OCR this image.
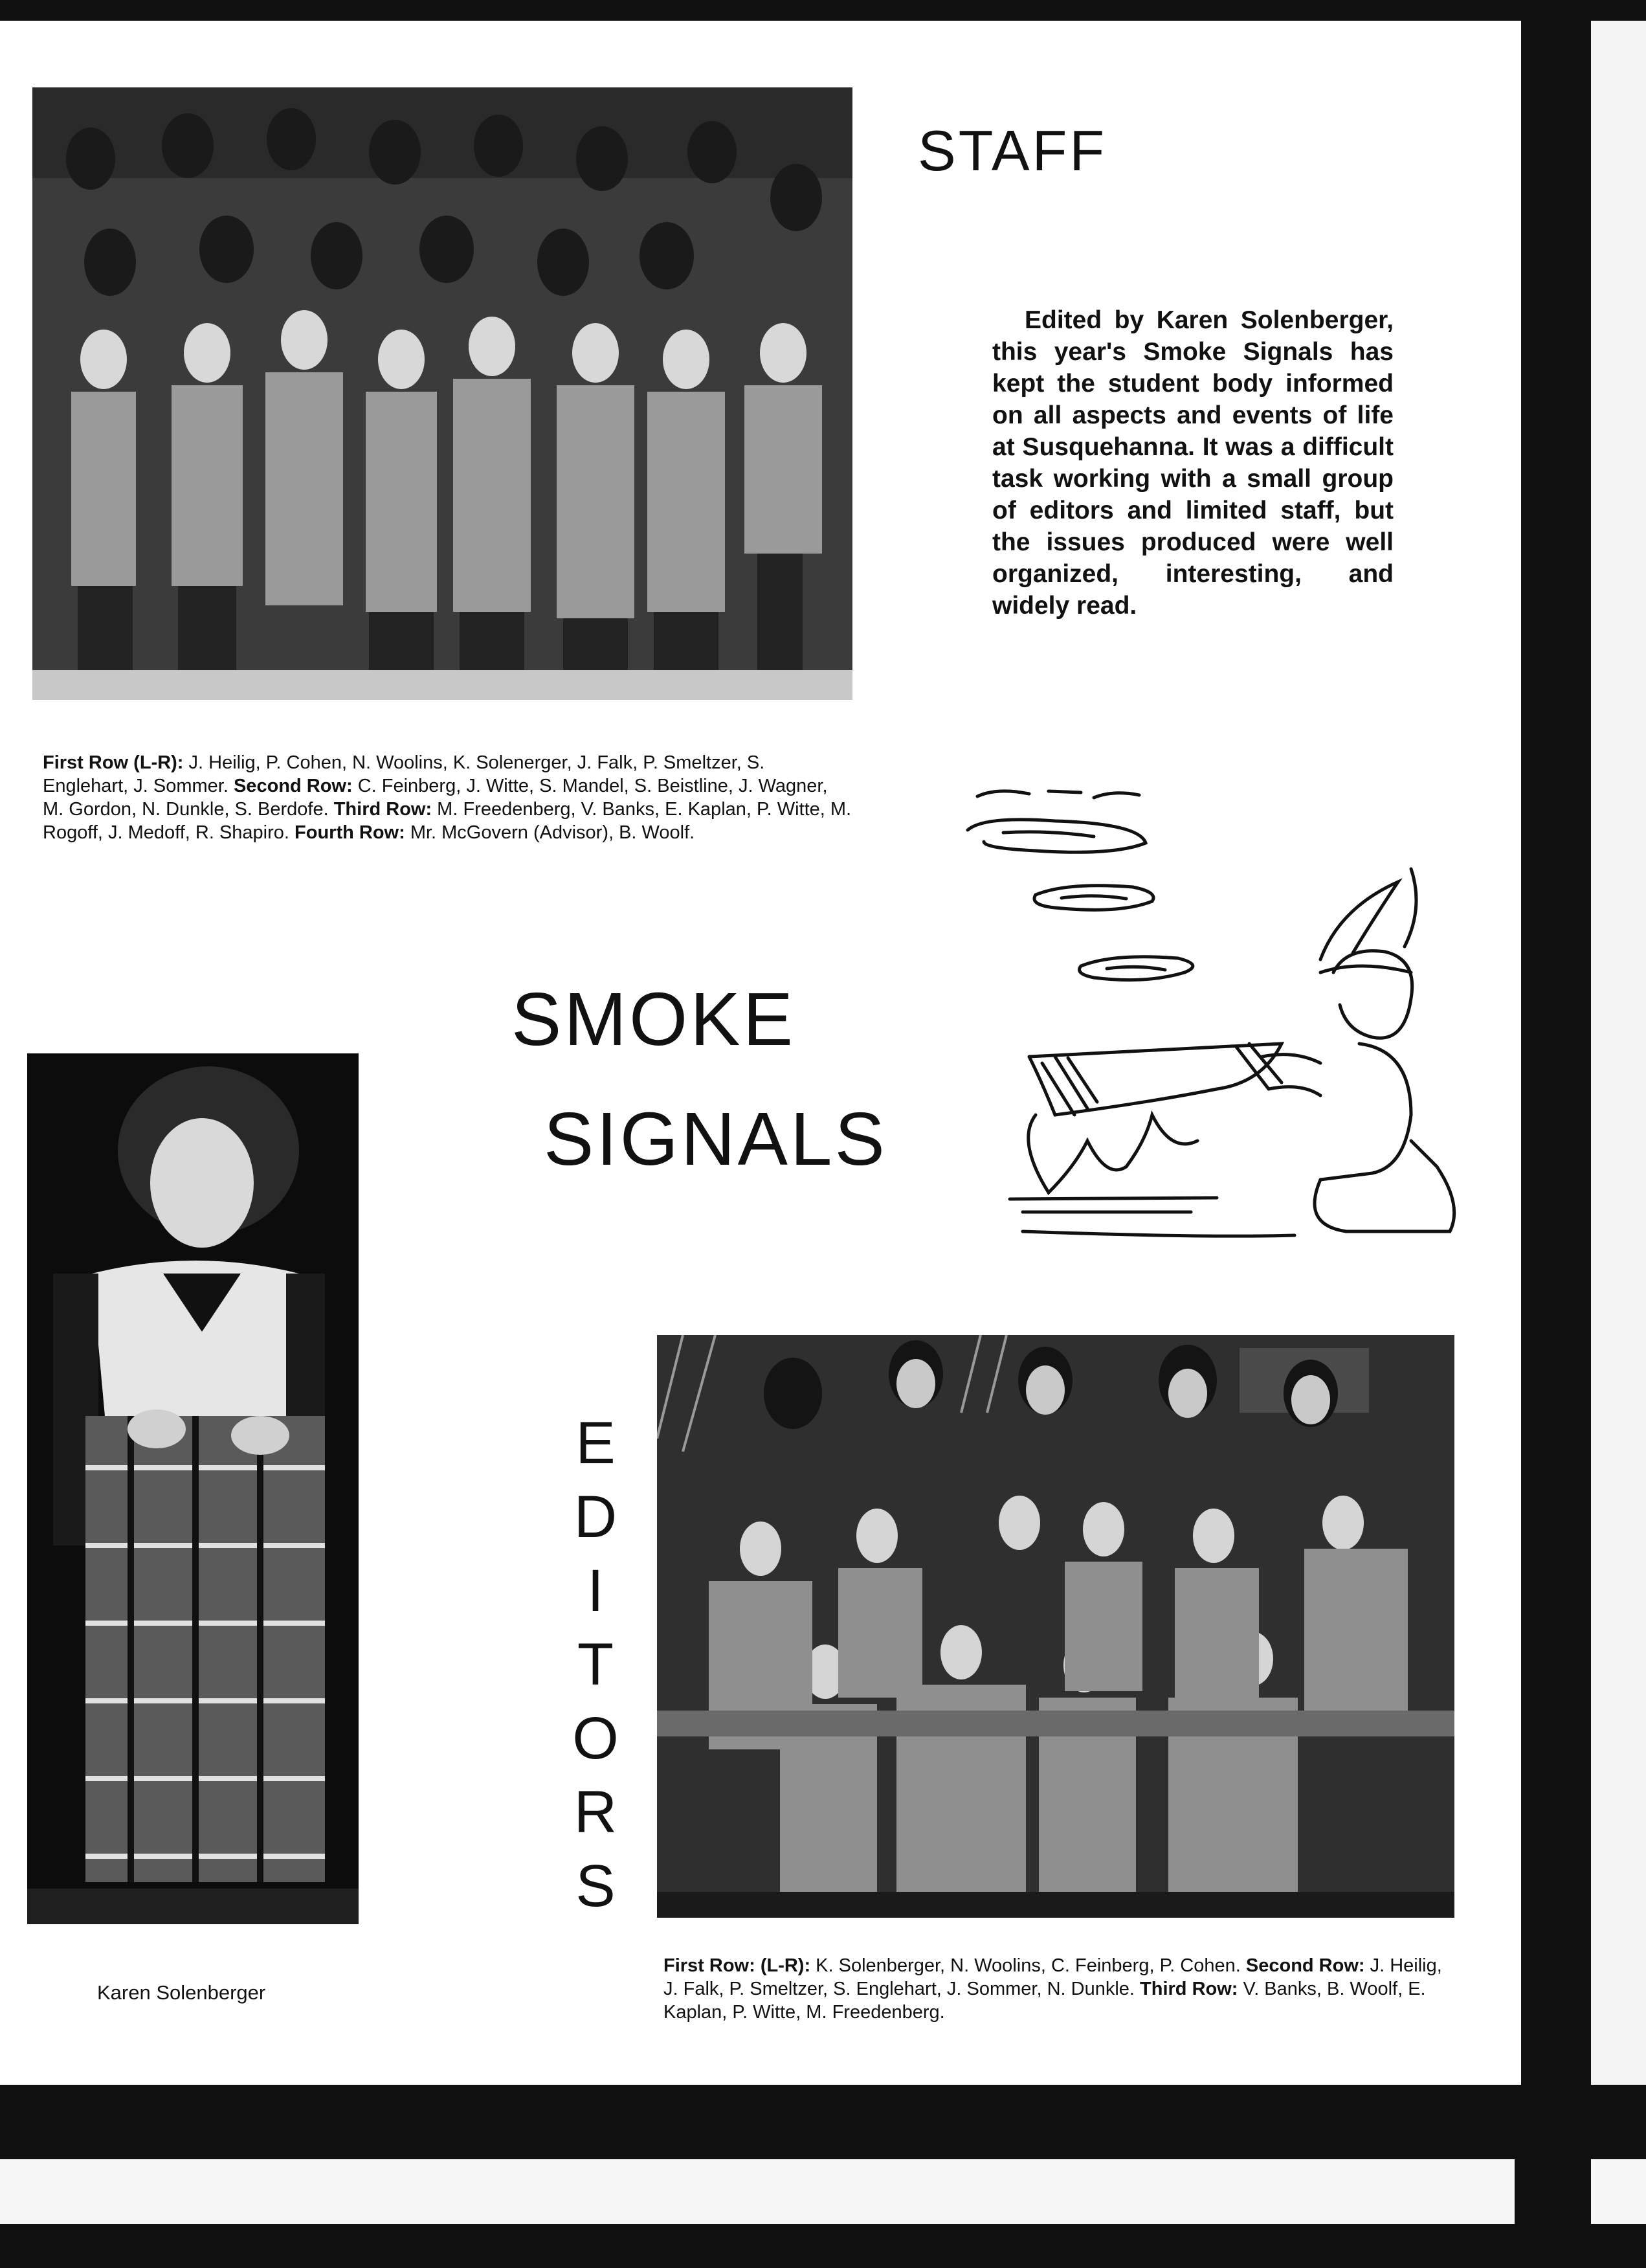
STAFF
Edited by Karen Solenberger, this year's Smoke Signals has kept the student body informed on all aspects and events of life at Susquehanna. It was a difficult task working with a small group of editors and limited staff, but the issues produced were well organized, interesting, and widely read.
First Row (L-R): J. Heilig, P. Cohen, N. Woolins, K. Solenerger, J. Falk, P. Smeltzer, S. Englehart, J. Sommer. Second Row: C. Feinberg, J. Witte, S. Mandel, S. Beistline, J. Wagner, M. Gordon, N. Dunkle, S. Berdofe. Third Row: M. Freedenberg, V. Banks, E. Kaplan, P. Witte, M. Rogoff, J. Medoff, R. Shapiro. Fourth Row: Mr. McGovern (Advisor), B. Woolf.
SMOKE
SIGNALS
Karen Solenberger
EDITORS
First Row: (L-R): K. Solenberger, N. Woolins, C. Feinberg, P. Cohen. Second Row: J. Heilig, J. Falk, P. Smeltzer, S. Englehart, J. Sommer, N. Dunkle. Third Row: V. Banks, B. Woolf, E. Kaplan, P. Witte, M. Freedenberg.
